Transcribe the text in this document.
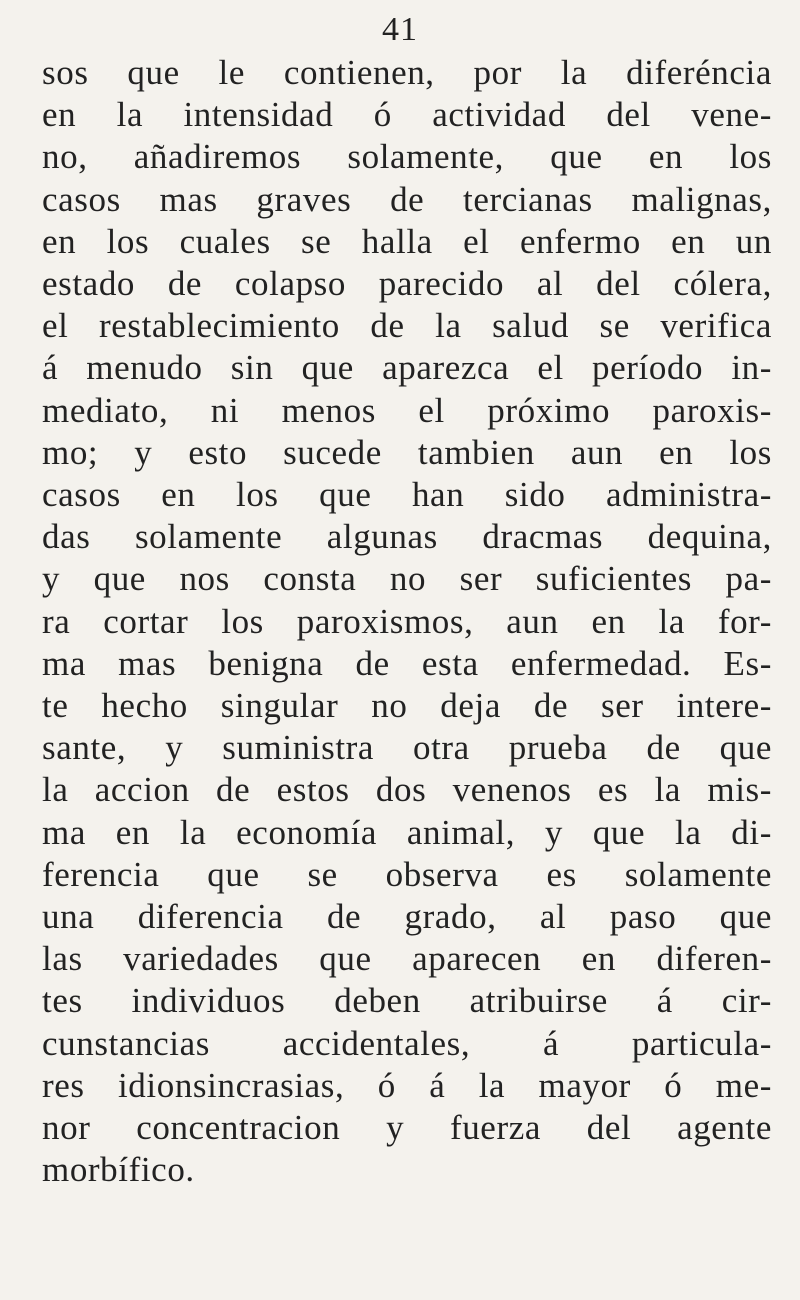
41
sos que le contienen, por la diferéncia
en la intensidad ó actividad del vene-
no, añadiremos solamente, que en los
casos mas graves de tercianas malignas,
en los cuales se halla el enfermo en un
estado de colapso parecido al del cólera,
el restablecimiento de la salud se verifica
á menudo sin que aparezca el período in-
mediato, ni menos el próximo paroxis-
mo; y esto sucede tambien aun en los
casos en los que han sido administra-
das solamente algunas dracmas dequina,
y que nos consta no ser suficientes pa-
ra cortar los paroxismos, aun en la for-
ma mas benigna de esta enfermedad. Es-
te hecho singular no deja de ser intere-
sante, y suministra otra prueba de que
la accion de estos dos venenos es la mis-
ma en la economía animal, y que la di-
ferencia que se observa es solamente
una diferencia de grado, al paso que
las variedades que aparecen en diferen-
tes individuos deben atribuirse á cir-
cunstancias accidentales, á particula-
res idionsincrasias, ó á la mayor ó me-
nor concentracion y fuerza del agente
morbífico.
